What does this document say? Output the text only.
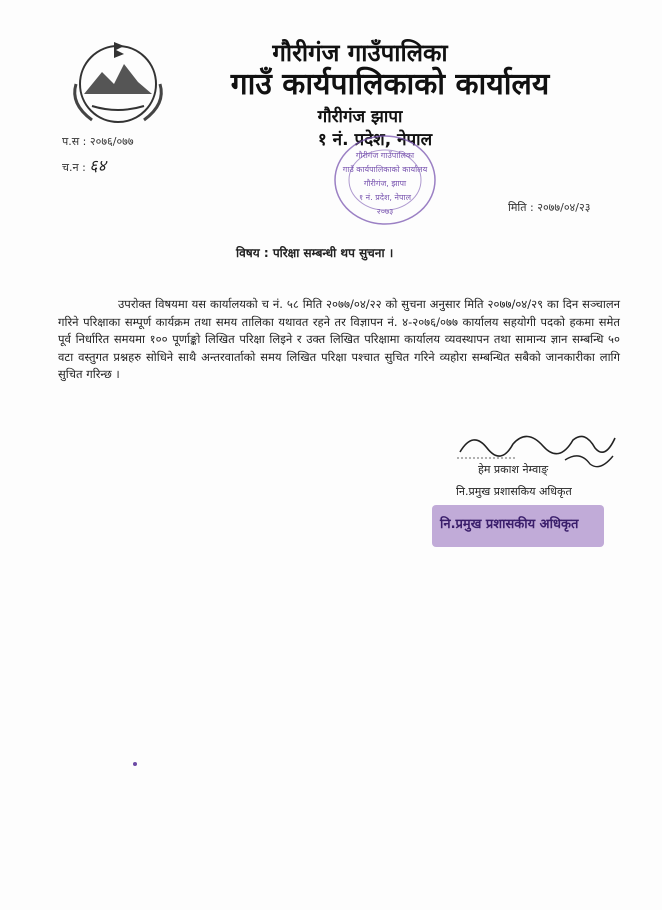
गौरीगंज गाउँपालिका
गाउँ कार्यपालिकाको कार्यालय
गौरीगंज झापा
१ नं. प्रदेश, नेपाल
प.स : २०७६/०७७
च.न : ६४
गौरीगंज गाउँपालिका
गाउँ कार्यपालिकाको कार्यालय
गौरीगंज, झापा
१ नं. प्रदेश, नेपाल
२०७३	मिति : २०७७/०४/२३
विषय : परिक्षा सम्बन्धी थप सुचना ।

उपरोक्त विषयमा यस कार्यालयको च नं. ५८ मिति २०७७/०४/२२ को सुचना अनुसार मिति २०७७/०४/२९ का दिन सञ्चालन गरिने परिक्षाका सम्पूर्ण कार्यक्रम तथा समय तालिका यथावत रहने तर विज्ञापन नं. ४-२०७६/०७७ कार्यालय सहयोगी पदको हकमा समेत पूर्व निर्धारित समयमा १०० पूर्णाङ्को लिखित परिक्षा लिइने र उक्त लिखित परिक्षामा कार्यालय व्यवस्थापन तथा सामान्य ज्ञान सम्बन्धि ५० वटा वस्तुगत प्रश्नहरु सोधिने साथै अन्तरवार्ताको समय लिखित परिक्षा पश्चात सुचित गरिने व्यहोरा सम्बन्धित सबैको जानकारीका लागि सुचित गरिन्छ ।

हेम प्रकाश नेम्वाङ्
नि.प्रमुख प्रशासकिय अधिकृत
नि.प्रमुख प्रशासकीय अधिकृत
